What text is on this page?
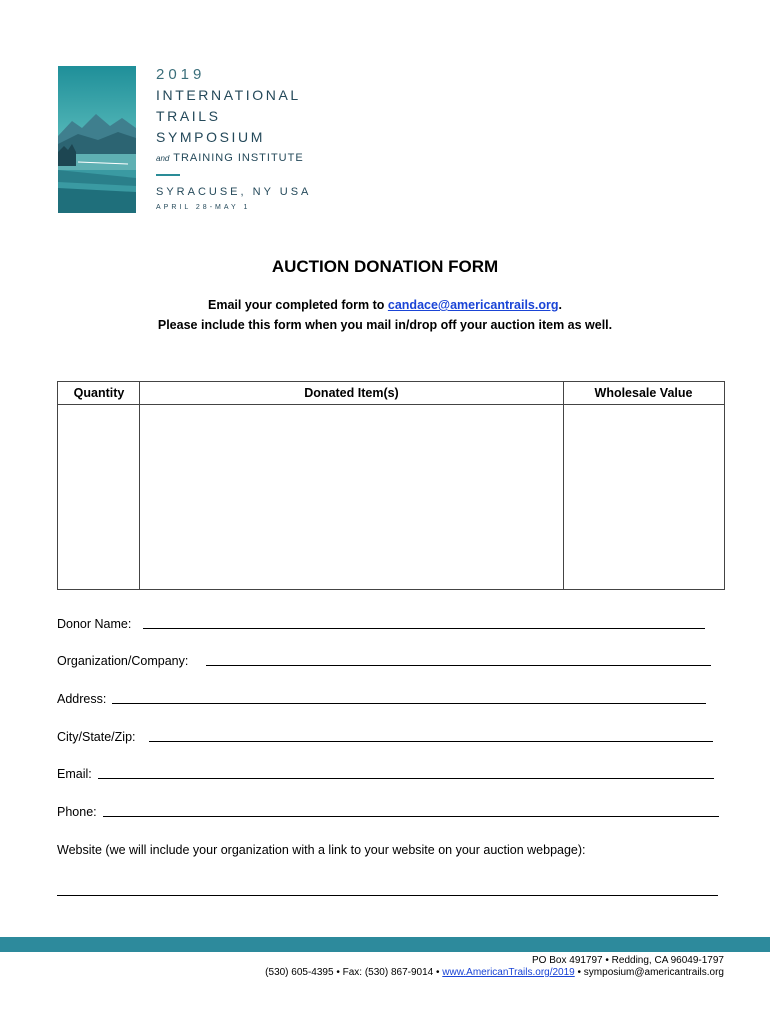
2019
INTERNATIONAL
TRAILS
SYMPOSIUM
and TRAINING INSTITUTE
SYRACUSE, NY USA
APRIL 28-MAY 1
AUCTION DONATION FORM
Email your completed form to candace@americantrails.org.
Please include this form when you mail in/drop off your auction item as well.
Quantity	Donated Item(s)	Wholesale Value
Donor Name:
Organization/Company:
Address:
City/State/Zip:
Email:
Phone:
Website (we will include your organization with a link to your website on your auction webpage):
PO Box 491797 • Redding, CA 96049-1797
(530) 605-4395 • Fax: (530) 867-9014 • www.AmericanTrails.org/2019 • symposium@americantrails.org
